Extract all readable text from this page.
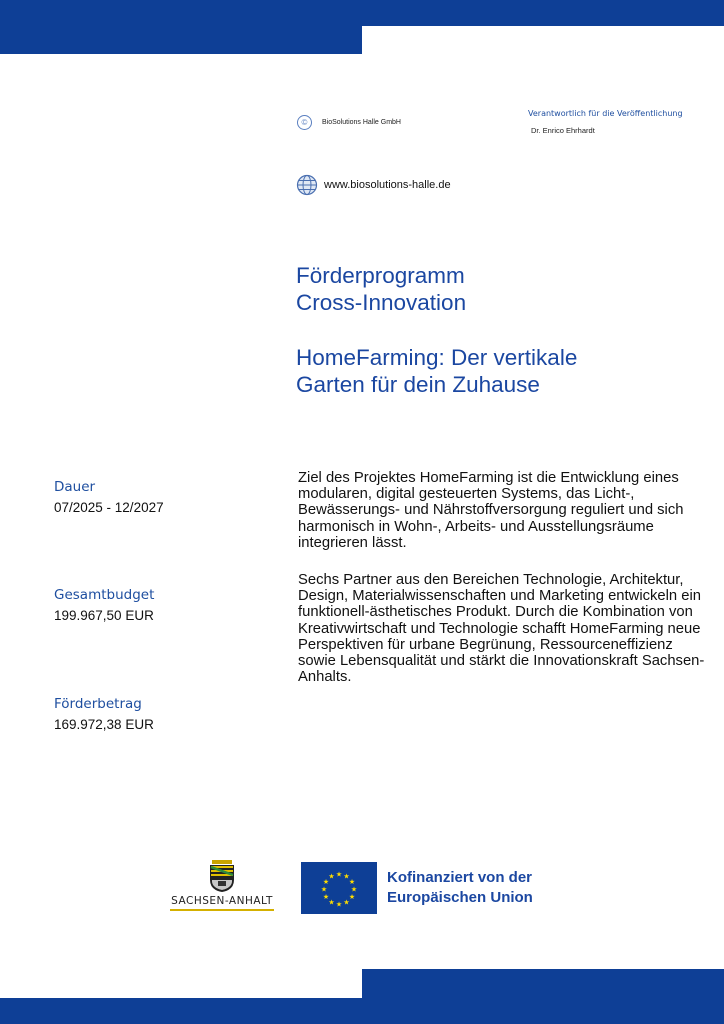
©	BioSolutions Halle GmbH
Verantwortlich für die Veröffentlichung
Dr. Enrico Ehrhardt
www.biosolutions-halle.de
Förderprogramm
Cross-Innovation
HomeFarming: Der vertikale
Garten für dein Zuhause
Dauer
07/2025 - 12/2027
Gesamtbudget
199.967,50 EUR
Förderbetrag
169.972,38 EUR

Ziel des Projektes HomeFarming ist die Entwicklung eines modularen, digital gesteuerten Systems, das Licht-, Bewässerungs- und Nährstoffversorgung reguliert und sich harmonisch in Wohn-, Arbeits- und Ausstellungsräume integrieren lässt.

Sechs Partner aus den Bereichen Technologie, Architektur, Design, Materialwissenschaften und Marketing entwickeln ein funktionell-ästhetisches Produkt. Durch die Kombination von Kreativwirtschaft und Technologie schafft HomeFarming neue Perspektiven für urbane Begrünung, Ressourceneffizienz sowie Lebensqualität und stärkt die Innovationskraft Sachsen-Anhalts.

SACHSEN-ANHALT
★ ★
★
★
★
★
★
★
★
★
★
★	Kofinanziert von der
Europäischen Union
